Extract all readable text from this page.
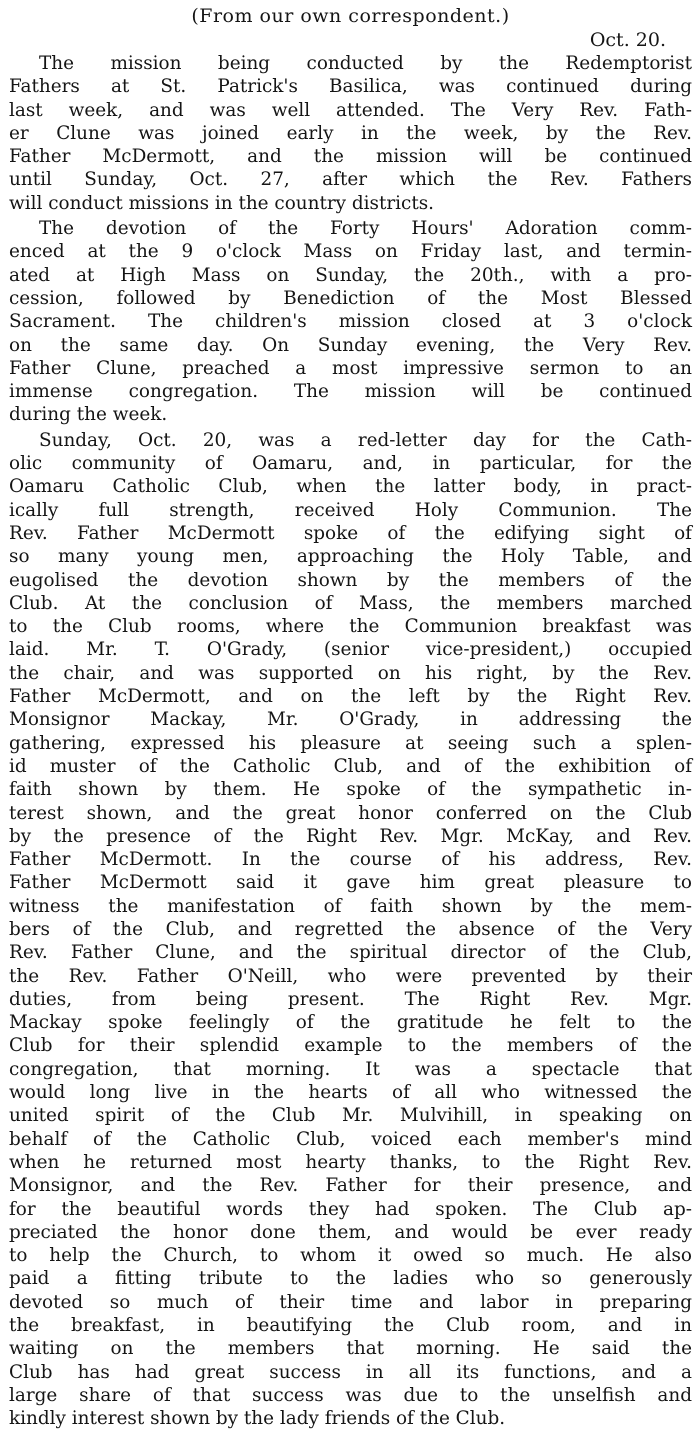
(From our own correspondent.)
Oct. 20.

The mission being conducted by the Redemptorist
Fathers at St. Patrick's Basilica, was continued during
last week, and was well attended. The Very Rev. Fath-
er Clune was joined early in the week, by the Rev.
Father McDermott, and the mission will be continued
until Sunday, Oct. 27, after which the Rev. Fathers
will conduct missions in the country districts.

The devotion of the Forty Hours' Adoration comm-
enced at the 9 o'clock Mass on Friday last, and termin-
ated at High Mass on Sunday, the 20th., with a pro-
cession, followed by Benediction of the Most Blessed
Sacrament. The children's mission closed at 3 o'clock
on the same day. On Sunday evening, the Very Rev.
Father Clune, preached a most impressive sermon to an
immense congregation. The mission will be continued
during the week.

Sunday, Oct. 20, was a red-letter day for the Cath-
olic community of Oamaru, and, in particular, for the
Oamaru Catholic Club, when the latter body, in pract-
ically full strength, received Holy Communion. The
Rev. Father McDermott spoke of the edifying sight of
so many young men, approaching the Holy Table, and
eugolised the devotion shown by the members of the
Club. At the conclusion of Mass, the members marched
to the Club rooms, where the Communion breakfast was
laid. Mr. T. O'Grady, (senior vice-president,) occupied
the chair, and was supported on his right, by the Rev.
Father McDermott, and on the left by the Right Rev.
Monsignor Mackay, Mr. O'Grady, in addressing the
gathering, expressed his pleasure at seeing such a splen-
id muster of the Catholic Club, and of the exhibition of
faith shown by them. He spoke of the sympathetic in-
terest shown, and the great honor conferred on the Club
by the presence of the Right Rev. Mgr. McKay, and Rev.
Father McDermott. In the course of his address, Rev.
Father McDermott said it gave him great pleasure to
witness the manifestation of faith shown by the mem-
bers of the Club, and regretted the absence of the Very
Rev. Father Clune, and the spiritual director of the Club,
the Rev. Father O'Neill, who were prevented by their
duties, from being present. The Right Rev. Mgr.
Mackay spoke feelingly of the gratitude he felt to the
Club for their splendid example to the members of the
congregation, that morning. It was a spectacle that
would long live in the hearts of all who witnessed the
united spirit of the Club Mr. Mulvihill, in speaking on
behalf of the Catholic Club, voiced each member's mind
when he returned most hearty thanks, to the Right Rev.
Monsignor, and the Rev. Father for their presence, and
for the beautiful words they had spoken. The Club ap-
preciated the honor done them, and would be ever ready
to help the Church, to whom it owed so much. He also
paid a fitting tribute to the ladies who so generously
devoted so much of their time and labor in preparing
the breakfast, in beautifying the Club room, and in
waiting on the members that morning. He said the
Club has had great success in all its functions, and a
large share of that success was due to the unselfish and
kindly interest shown by the lady friends of the Club.
